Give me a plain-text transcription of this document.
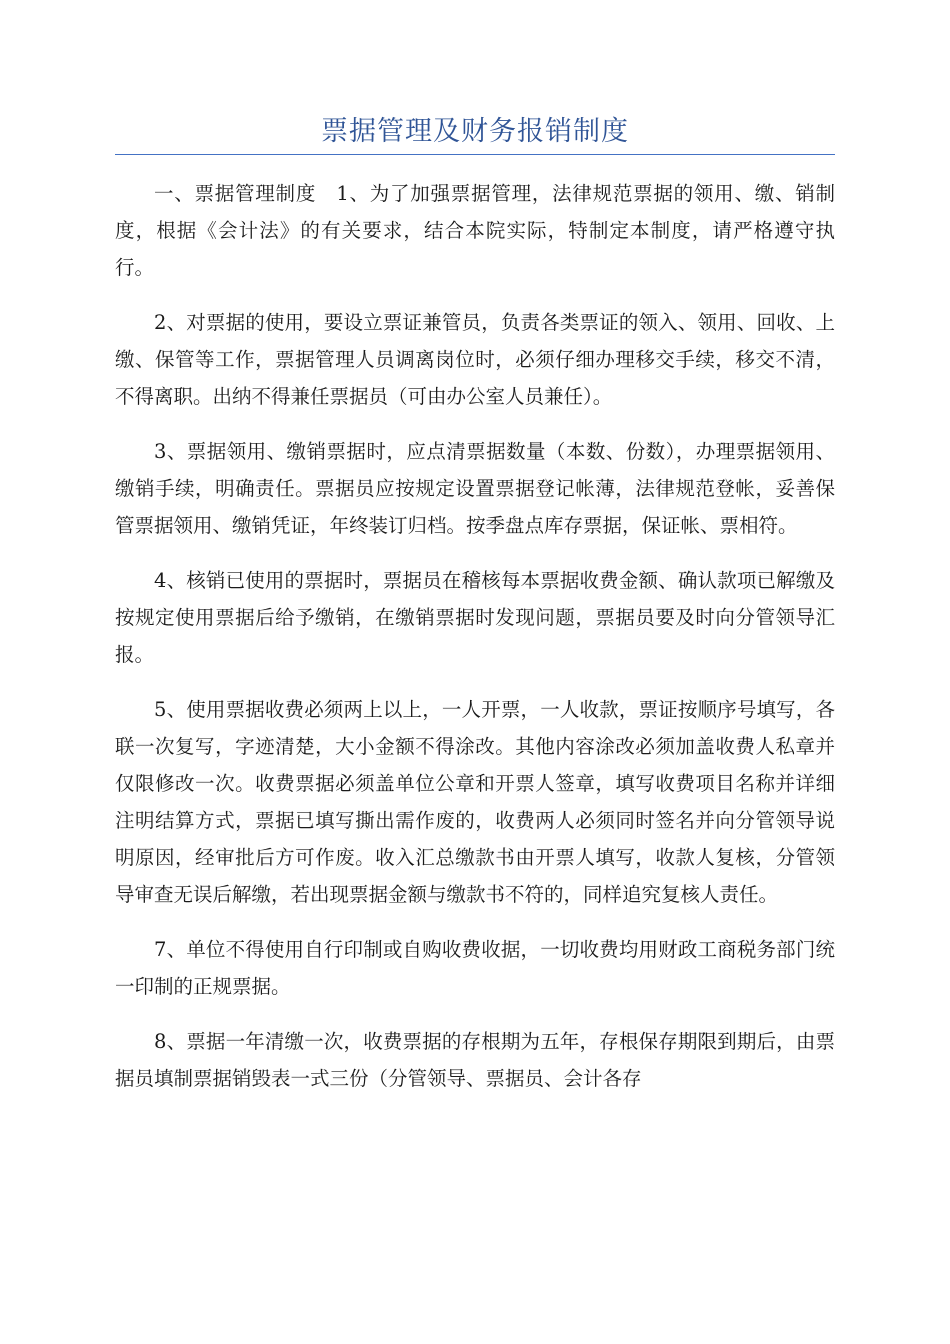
票据管理及财务报销制度

一、票据管理制度　1、为了加强票据管理，法律规范票据的领用、缴、销制度，根据《会计法》的有关要求，结合本院实际，特制定本制度，请严格遵守执行。

2、对票据的使用，要设立票证兼管员，负责各类票证的领入、领用、回收、上缴、保管等工作，票据管理人员调离岗位时，必须仔细办理移交手续，移交不清，不得离职。出纳不得兼任票据员（可由办公室人员兼任）。

3、票据领用、缴销票据时，应点清票据数量（本数、份数），办理票据领用、缴销手续，明确责任。票据员应按规定设置票据登记帐薄，法律规范登帐，妥善保管票据领用、缴销凭证，年终装订归档。按季盘点库存票据，保证帐、票相符。

4、核销已使用的票据时，票据员在稽核每本票据收费金额、确认款项已解缴及按规定使用票据后给予缴销，在缴销票据时发现问题，票据员要及时向分管领导汇报。

5、使用票据收费必须两上以上，一人开票，一人收款，票证按顺序号填写，各联一次复写，字迹清楚，大小金额不得涂改。其他内容涂改必须加盖收费人私章并仅限修改一次。收费票据必须盖单位公章和开票人签章，填写收费项目名称并详细注明结算方式，票据已填写撕出需作废的，收费两人必须同时签名并向分管领导说明原因，经审批后方可作废。收入汇总缴款书由开票人填写，收款人复核，分管领导审查无误后解缴，若出现票据金额与缴款书不符的，同样追究复核人责任。

7、单位不得使用自行印制或自购收费收据，一切收费均用财政工商税务部门统一印制的正规票据。

8、票据一年清缴一次，收费票据的存根期为五年，存根保存期限到期后，由票据员填制票据销毁表一式三份（分管领导、票据员、会计各存
